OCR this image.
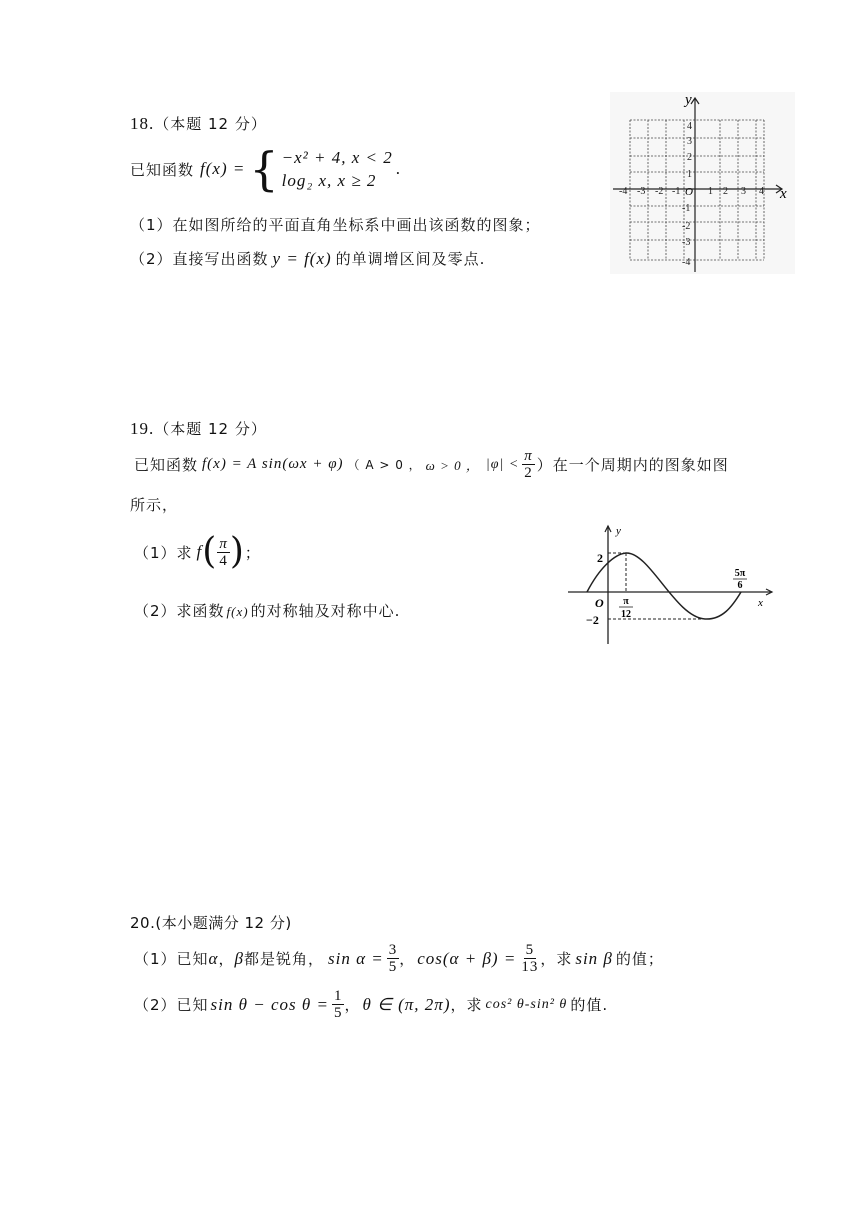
18.（本题 12 分）
已知函数 f(x) = { −x² + 4, x < 2
log₂ x, x ≥ 2
.
（1）在如图所给的平面直角坐标系中画出该函数的图象；
（2）直接写出函数 y = f(x) 的单调增区间及零点.
y
x
O
-4 -3 -2 -1	1 2 3 4
4
3
2
1
-1
-2
-3
-4
19.（本题 12 分）
已知函数 f(x) = A sin(ωx + φ) （ A > 0 ， ω > 0 ， $|\varphi| < \frac{\pi}{2}$ ）在一个周期内的图象如图
所示，
（1）求 f ( $\frac{\pi}{4}$ ) ；
（2）求函数 f(x) 的对称轴及对称中心.
y
x
O
2
−2
π
12
5π
6
20.(本小题满分 12 分)
（1）已知 α ， β 都是锐角， $\sin \alpha = \frac{3}{5}$ ， $\cos(\alpha + \beta) = \frac{5}{13}$ ，求 sin β 的值；
（2）已知 $\sin \theta - \cos \theta = \frac{1}{5}$ ， θ ∈ (π, 2π) ，求 cos² θ-sin² θ 的值.
